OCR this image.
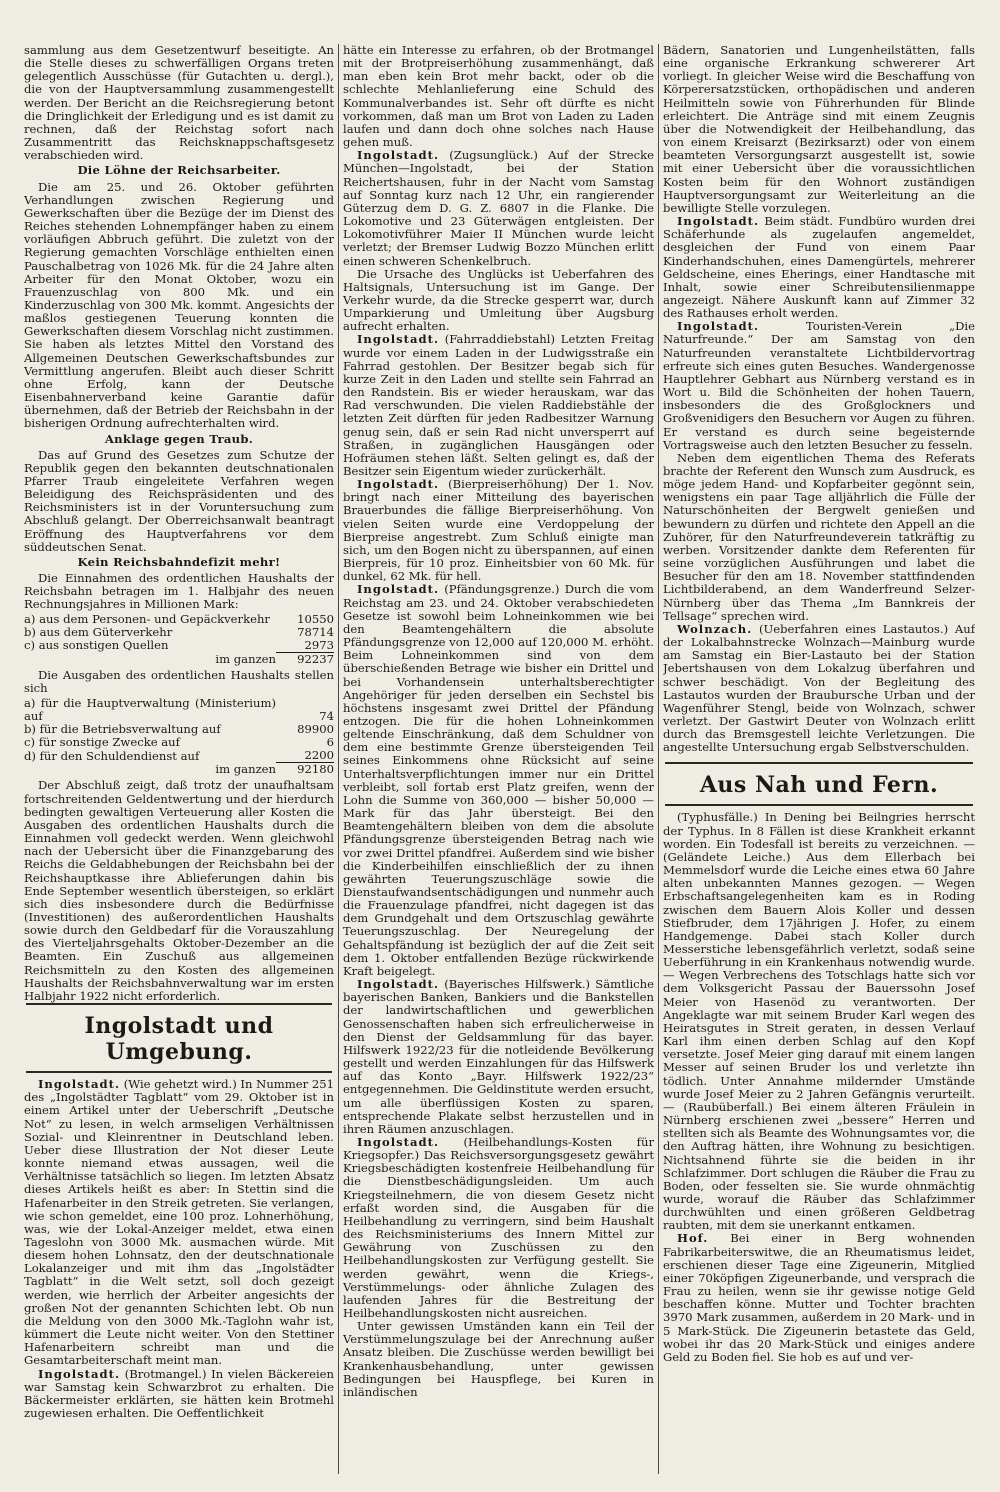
sammlung aus dem Gesetzentwurf beseitigte. An die Stelle dieses zu schwerfälligen Organs treten gelegentlich Ausschüsse (für Gutachten u. dergl.), die von der Hauptversammlung zusammengestellt werden. Der Bericht an die Reichsregierung betont die Dringlichkeit der Erledigung und es ist damit zu rechnen, daß der Reichstag sofort nach Zusammentritt das Reichsknappschaftsgesetz verabschieden wird.

Die Löhne der Reichsarbeiter.

Die am 25. und 26. Oktober geführten Verhandlungen zwischen Regierung und Gewerkschaften über die Bezüge der im Dienst des Reiches stehenden Lohnempfänger haben zu einem vorläufigen Abbruch geführt. Die zuletzt von der Regierung gemachten Vorschläge enthielten einen Pauschalbetrag von 1026 Mk. für die 24 Jahre alten Arbeiter für den Monat Oktober, wozu ein Frauenzuschlag von 800 Mk. und ein Kinderzuschlag von 300 Mk. kommt. Angesichts der maßlos gestiegenen Teuerung konnten die Gewerkschaften diesem Vorschlag nicht zustimmen. Sie haben als letztes Mittel den Vorstand des Allgemeinen Deutschen Gewerkschaftsbundes zur Vermittlung angerufen. Bleibt auch dieser Schritt ohne Erfolg, kann der Deutsche Eisenbahnerverband keine Garantie dafür übernehmen, daß der Betrieb der Reichsbahn in der bisherigen Ordnung aufrechterhalten wird.

Anklage gegen Traub.

Das auf Grund des Gesetzes zum Schutze der Republik gegen den bekannten deutschnationalen Pfarrer Traub eingeleitete Verfahren wegen Beleidigung des Reichspräsidenten und des Reichsministers ist in der Voruntersuchung zum Abschluß gelangt. Der Oberreichsanwalt beantragt Eröffnung des Hauptverfahrens vor dem süddeutschen Senat.

Kein Reichsbahndefizit mehr!

Die Einnahmen des ordentlichen Haushalts der Reichsbahn betragen im 1. Halbjahr des neuen Rechnungsjahres in Millionen Mark:

a) aus dem Personen- und Gepäckverkehr	10550
b) aus dem Güterverkehr	78714
c) aus sonstigen Quellen	2973
im ganzen	92237

Die Ausgaben des ordentlichen Haushalts stellen sich

a) für die Hauptverwaltung (Ministerium) auf	74
b) für die Betriebsverwaltung auf	89900
c) für sonstige Zwecke auf	6
d) für den Schuldendienst auf	2200
im ganzen	92180

Der Abschluß zeigt, daß trotz der unaufhaltsam fortschreitenden Geldentwertung und der hierdurch bedingten gewaltigen Verteuerung aller Kosten die Ausgaben des ordentlichen Haushalts durch die Einnahmen voll gedeckt werden. Wenn gleichwohl nach der Uebersicht über die Finanzgebarung des Reichs die Geldabhebungen der Reichsbahn bei der Reichshauptkasse ihre Ablieferungen dahin bis Ende September wesentlich übersteigen, so erklärt sich dies insbesondere durch die Bedürfnisse (Investitionen) des außerordentlichen Haushalts sowie durch den Geldbedarf für die Vorauszahlung des Vierteljahrsgehalts Oktober-Dezember an die Beamten. Ein Zuschuß aus allgemeinen Reichsmitteln zu den Kosten des allgemeinen Haushalts der Reichsbahnverwaltung war im ersten Halbjahr 1922 nicht erforderlich.

Ingolstadt und Umgebung.

Ingolstadt. (Wie gehetzt wird.) In Nummer 251 des „Ingolstädter Tagblatt“ vom 29. Oktober ist in einem Artikel unter der Ueberschrift „Deutsche Not“ zu lesen, in welch armseligen Verhältnissen Sozial- und Kleinrentner in Deutschland leben. Ueber diese Illustration der Not dieser Leute konnte niemand etwas aussagen, weil die Verhältnisse tatsächlich so liegen. Im letzten Absatz dieses Artikels heißt es aber: In Stettin sind die Hafenarbeiter in den Streik getreten. Sie verlangen, wie schon gemeldet, eine 100 proz. Lohnerhöhung, was, wie der Lokal-Anzeiger meldet, etwa einen Tageslohn von 3000 Mk. ausmachen würde. Mit diesem hohen Lohnsatz, den der deutschnationale Lokalanzeiger und mit ihm das „Ingolstädter Tagblatt“ in die Welt setzt, soll doch gezeigt werden, wie herrlich der Arbeiter angesichts der großen Not der genannten Schichten lebt. Ob nun die Meldung von den 3000 Mk.-Taglohn wahr ist, kümmert die Leute nicht weiter. Von den Stettiner Hafenarbeitern schreibt man und die Gesamtarbeiterschaft meint man.

Ingolstadt. (Brotmangel.) In vielen Bäckereien war Samstag kein Schwarzbrot zu erhalten. Die Bäckermeister erklärten, sie hätten kein Brotmehl zugewiesen erhalten. Die Oeffentlichkeit

hätte ein Interesse zu erfahren, ob der Brotmangel mit der Brotpreiserhöhung zusammenhängt, daß man eben kein Brot mehr backt, oder ob die schlechte Mehlanlieferung eine Schuld des Kommunalverbandes ist. Sehr oft dürfte es nicht vorkommen, daß man um Brot von Laden zu Laden laufen und dann doch ohne solches nach Hause gehen muß.

Ingolstadt. (Zugsunglück.) Auf der Strecke München—Ingolstadt, bei der Station Reichertshausen, fuhr in der Nacht vom Samstag auf Sonntag kurz nach 12 Uhr, ein rangierender Güterzug dem D. G. Z. 6807 in die Flanke. Die Lokomotive und 23 Güterwägen entgleisten. Der Lokomotivführer Maier II München wurde leicht verletzt; der Bremser Ludwig Bozzo München erlitt einen schweren Schenkelbruch.

Die Ursache des Unglücks ist Ueberfahren des Haltsignals, Untersuchung ist im Gange. Der Verkehr wurde, da die Strecke gesperrt war, durch Umparkierung und Umleitung über Augsburg aufrecht erhalten.

Ingolstadt. (Fahrraddiebstahl) Letzten Freitag wurde vor einem Laden in der Ludwigsstraße ein Fahrrad gestohlen. Der Besitzer begab sich für kurze Zeit in den Laden und stellte sein Fahrrad an den Randstein. Bis er wieder herauskam, war das Rad verschwunden. Die vielen Raddiebstähle der letzten Zeit dürften für jeden Radbesitzer Warnung genug sein, daß er sein Rad nicht unversperrt auf Straßen, in zugänglichen Hausgängen oder Hofräumen stehen läßt. Selten gelingt es, daß der Besitzer sein Eigentum wieder zurückerhält.

Ingolstadt. (Bierpreiserhöhung) Der 1. Nov. bringt nach einer Mitteilung des bayerischen Brauerbundes die fällige Bierpreiserhöhung. Von vielen Seiten wurde eine Verdoppelung der Bierpreise angestrebt. Zum Schluß einigte man sich, um den Bogen nicht zu überspannen, auf einen Bierpreis, für 10 proz. Einheitsbier von 60 Mk. für dunkel, 62 Mk. für hell.

Ingolstadt. (Pfändungsgrenze.) Durch die vom Reichstag am 23. und 24. Oktober verabschiedeten Gesetze ist sowohl beim Lohneinkommen wie bei den Beamtengehältern die absolute Pfändungsgrenze von 12,000 auf 120,000 M. erhöht. Beim Lohneinkommen sind von dem überschießenden Betrage wie bisher ein Drittel und bei Vorhandensein unterhaltsberechtigter Angehöriger für jeden derselben ein Sechstel bis höchstens insgesamt zwei Drittel der Pfändung entzogen. Die für die hohen Lohneinkommen geltende Einschränkung, daß dem Schuldner von dem eine bestimmte Grenze übersteigenden Teil seines Einkommens ohne Rücksicht auf seine Unterhaltsverpflichtungen immer nur ein Drittel verbleibt, soll fortab erst Platz greifen, wenn der Lohn die Summe von 360,000 — bisher 50,000 — Mark für das Jahr übersteigt. Bei den Beamtengehältern bleiben von dem die absolute Pfändungsgrenze übersteigenden Betrag nach wie vor zwei Drittel pfandfrei. Außerdem sind wie bisher die Kinderbeihilfen einschließlich der zu ihnen gewährten Teuerungszuschläge sowie die Dienstaufwandsentschädigungen und nunmehr auch die Frauenzulage pfandfrei, nicht dagegen ist das dem Grundgehalt und dem Ortszuschlag gewährte Teuerungszuschlag. Der Neuregelung der Gehaltspfändung ist bezüglich der auf die Zeit seit dem 1. Oktober entfallenden Bezüge rückwirkende Kraft beigelegt.

Ingolstadt. (Bayerisches Hilfswerk.) Sämtliche bayerischen Banken, Bankiers und die Bankstellen der landwirtschaftlichen und gewerblichen Genossenschaften haben sich erfreulicherweise in den Dienst der Geldsammlung für das bayer. Hilfswerk 1922/23 für die notleidende Bevölkerung gestellt und werden Einzahlungen für das Hilfswerk auf das Konto „Bayr. Hilfswerk 1922/23“ entgegennehmen. Die Geldinstitute werden ersucht, um alle überflüssigen Kosten zu sparen, entsprechende Plakate selbst herzustellen und in ihren Räumen anzuschlagen.

Ingolstadt. (Heilbehandlungs-Kosten für Kriegsopfer.) Das Reichsversorgungsgesetz gewährt Kriegsbeschädigten kostenfreie Heilbehandlung für die Dienstbeschädigungsleiden. Um auch Kriegsteilnehmern, die von diesem Gesetz nicht erfaßt worden sind, die Ausgaben für die Heilbehandlung zu verringern, sind beim Haushalt des Reichsministeriums des Innern Mittel zur Gewährung von Zuschüssen zu den Heilbehandlungskosten zur Verfügung gestellt. Sie werden gewährt, wenn die Kriegs-, Verstümmelungs- oder ähnliche Zulagen des laufenden Jahres für die Bestreitung der Heilbehandlungskosten nicht ausreichen.

Unter gewissen Umständen kann ein Teil der Verstümmelungszulage bei der Anrechnung außer Ansatz bleiben. Die Zuschüsse werden bewilligt bei Krankenhausbehandlung, unter gewissen Bedingungen bei Hauspflege, bei Kuren in inländischen

Bädern, Sanatorien und Lungenheilstätten, falls eine organische Erkrankung schwererer Art vorliegt. In gleicher Weise wird die Beschaffung von Körperersatzstücken, orthopädischen und anderen Heilmitteln sowie von Führerhunden für Blinde erleichtert. Die Anträge sind mit einem Zeugnis über die Notwendigkeit der Heilbehandlung, das von einem Kreisarzt (Bezirksarzt) oder von einem beamteten Versorgungsarzt ausgestellt ist, sowie mit einer Uebersicht über die voraussichtlichen Kosten beim für den Wohnort zuständigen Hauptversorgungsamt zur Weiterleitung an die bewilligte Stelle vorzulegen.

Ingolstadt. Beim städt. Fundbüro wurden drei Schäferhunde als zugelaufen angemeldet, desgleichen der Fund von einem Paar Kinderhandschuhen, eines Damengürtels, mehrerer Geldscheine, eines Eherings, einer Handtasche mit Inhalt, sowie einer Schreibutensilienmappe angezeigt. Nähere Auskunft kann auf Zimmer 32 des Rathauses erholt werden.

Ingolstadt.	Touristen-Verein „Die Naturfreunde.“ Der am Samstag von den Naturfreunden veranstaltete Lichtbildervortrag erfreute sich eines guten Besuches. Wandergenosse Hauptlehrer Gebhart aus Nürnberg verstand es in Wort u. Bild die Schönheiten der hohen Tauern, insbesonders die des Großglockners und Großvenidigers den Besuchern vor Augen zu führen. Er verstand es durch seine begeisternde Vortragsweise auch den letzten Besucher zu fesseln.

Neben dem eigentlichen Thema des Referats brachte der Referent den Wunsch zum Ausdruck, es möge jedem Hand- und Kopfarbeiter gegönnt sein, wenigstens ein paar Tage alljährlich die Fülle der Naturschönheiten der Bergwelt genießen und bewundern zu dürfen und richtete den Appell an die Zuhörer, für den Naturfreundeverein tatkräftig zu werben. Vorsitzender dankte dem Referenten für seine vorzüglichen Ausführungen und labet die Besucher für den am 18. November stattfindenden Lichtbilderabend, an dem Wanderfreund Selzer-Nürnberg über das Thema „Im Bannkreis der Tellsage“ sprechen wird.

Wolnzach. (Ueberfahren eines Lastautos.) Auf der Lokalbahnstrecke Wolnzach—Mainburg wurde am Samstag ein Bier-Lastauto bei der Station Jebertshausen von dem Lokalzug überfahren und schwer beschädigt. Von der Begleitung des Lastautos wurden der Braubursche Urban und der Wagenführer Stengl, beide von Wolnzach, schwer verletzt. Der Gastwirt Deuter von Wolnzach erlitt durch das Bremsgestell leichte Verletzungen. Die angestellte Untersuchung ergab Selbstverschulden.

Aus Nah und Fern.

(Typhusfälle.) In Dening bei Beilngries herrscht der Typhus. In 8 Fällen ist diese Krankheit erkannt worden. Ein Todesfall ist bereits zu verzeichnen. — (Geländete Leiche.) Aus dem Ellerbach bei Memmelsdorf wurde die Leiche eines etwa 60 Jahre alten unbekannten Mannes gezogen. — Wegen Erbschaftsangelegenheiten kam es in Roding zwischen dem Bauern Alois Koller und dessen Stiefbruder, dem 17jährigen J. Hofer, zu einem Handgemenge. Dabei stach Koller durch Messerstiche lebensgefährlich verletzt, sodaß seine Ueberführung in ein Krankenhaus notwendig wurde. — Wegen Verbrechens des Totschlags hatte sich vor dem Volksgericht Passau der Bauerssohn Josef Meier von Hasenöd zu verantworten. Der Angeklagte war mit seinem Bruder Karl wegen des Heiratsgutes in Streit geraten, in dessen Verlauf Karl ihm einen derben Schlag auf den Kopf versetzte. Josef Meier ging darauf mit einem langen Messer auf seinen Bruder los und verletzte ihn tödlich. Unter Annahme mildernder Umstände wurde Josef Meier zu 2 Jahren Gefängnis verurteilt. — (Raubüberfall.) Bei einem älteren Fräulein in Nürnberg erschienen zwei „bessere“ Herren und stellten sich als Beamte des Wohnungsamtes vor, die den Auftrag hätten, ihre Wohnung zu besichtigen. Nichtsahnend führte sie die beiden in ihr Schlafzimmer. Dort schlugen die Räuber die Frau zu Boden, oder fesselten sie. Sie wurde ohnmächtig wurde, worauf die Räuber das Schlafzimmer durchwühlten und einen größeren Geldbetrag raubten, mit dem sie unerkannt entkamen.

Hof. Bei einer in Berg wohnenden Fabrikarbeiterswitwe, die an Rheumatismus leidet, erschienen dieser Tage eine Zigeunerin, Mitglied einer 70köpfigen Zigeunerbande, und versprach die Frau zu heilen, wenn sie ihr gewisse notige Geld beschaffen könne. Mutter und Tochter brachten 3970 Mark zusammen, außerdem in 20 Mark- und in 5 Mark-Stück. Die Zigeunerin betastete das Geld, wobei ihr das 20 Mark-Stück und einiges andere Geld zu Boden fiel. Sie hob es auf und ver-
